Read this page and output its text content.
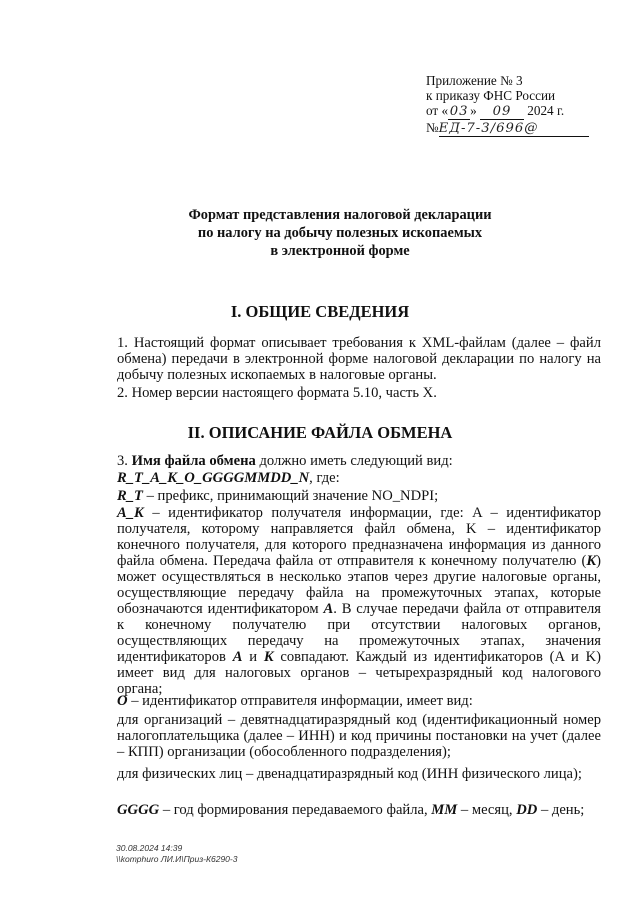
Приложение № 3
к приказу ФНС России
от « 03 » 09 2024 г.
№ЕД-7-3/696@
Формат представления налоговой декларации
по налогу на добычу полезных ископаемых
в электронной форме
I. ОБЩИЕ СВЕДЕНИЯ
1. Настоящий формат описывает требования к XML-файлам (далее – файл обмена) передачи в электронной форме налоговой декларации по налогу на добычу полезных ископаемых в налоговые органы.
2. Номер версии настоящего формата 5.10, часть X.
II. ОПИСАНИЕ ФАЙЛА ОБМЕНА
3. Имя файла обмена должно иметь следующий вид:
R_T_A_K_O_GGGGMMDD_N, где:
R_T – префикс, принимающий значение NO_NDPI;
A_K – идентификатор получателя информации, где: A – идентификатор получателя, которому направляется файл обмена, K – идентификатор конечного получателя, для которого предназначена информация из данного файла обмена. Передача файла от отправителя к конечному получателю (K) может осуществляться в несколько этапов через другие налоговые органы, осуществляющие передачу файла на промежуточных этапах, которые обозначаются идентификатором A. В случае передачи файла от отправителя к конечному получателю при отсутствии налоговых органов, осуществляющих передачу на промежуточных этапах, значения идентификаторов A и K совпадают. Каждый из идентификаторов (A и K) имеет вид для налоговых органов – четырехразрядный код налогового органа;
O – идентификатор отправителя информации, имеет вид:
для организаций – девятнадцатиразрядный код (идентификационный номер налогоплательщика (далее – ИНН) и код причины постановки на учет (далее – КПП) организации (обособленного подразделения);
для физических лиц – двенадцатиразрядный код (ИНН физического лица);
GGGG – год формирования передаваемого файла, MM – месяц, DD – день;
30.08.2024 14:39
\\komphuro ЛИ.И\Приз-К6290-3
